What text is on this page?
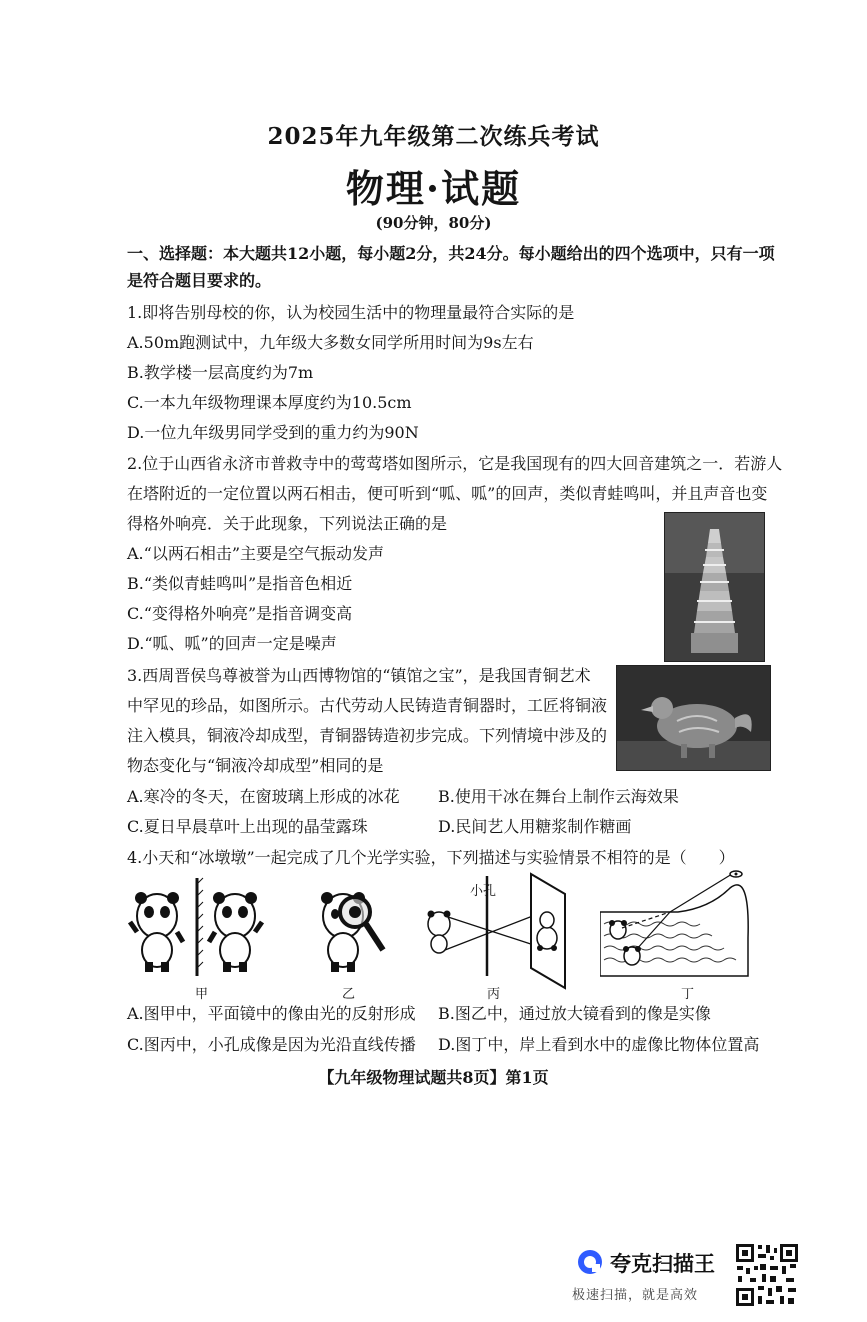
2025年九年级第二次练兵考试
物理·试题
(90分钟，80分)
一、选择题：本大题共12小题，每小题2分，共24分。每小题给出的四个选项中，只有一项
是符合题目要求的。
1.即将告别母校的你，认为校园生活中的物理量最符合实际的是
A.50m跑测试中，九年级大多数女同学所用时间为9s左右
B.教学楼一层高度约为7m
C.一本九年级物理课本厚度约为10.5cm
D.一位九年级男同学受到的重力约为90N
2.位于山西省永济市普救寺中的莺莺塔如图所示，它是我国现有的四大回音建筑之一．若游人
在塔附近的一定位置以两石相击，便可听到“呱、呱”的回声，类似青蛙鸣叫，并且声音也变
得格外响亮．关于此现象，下列说法正确的是
A.“以两石相击”主要是空气振动发声
B.“类似青蛙鸣叫”是指音色相近
C.“变得格外响亮”是指音调变高
D.“呱、呱”的回声一定是噪声
3.西周晋侯鸟尊被誉为山西博物馆的“镇馆之宝”，是我国青铜艺术
中罕见的珍品，如图所示。古代劳动人民铸造青铜器时，工匠将铜液
注入模具，铜液冷却成型，青铜器铸造初步完成。下列情境中涉及的
物态变化与“铜液冷却成型”相同的是
A.寒冷的冬天，在窗玻璃上形成的冰花 B.使用干冰在舞台上制作云海效果
C.夏日早晨草叶上出现的晶莹露珠	D.民间艺人用糖浆制作糖画
4.小天和“冰墩墩”一起完成了几个光学实验，下列描述与实验情景不相符的是（　　）
小孔
甲	乙	丙	丁
A.图甲中，平面镜中的像由光的反射形成 B.图乙中，通过放大镜看到的像是实像
C.图丙中，小孔成像是因为光沿直线传播 D.图丁中，岸上看到水中的虚像比物体位置高
【九年级物理试题共8页】第1页
夸克扫描王
极速扫描，就是高效
